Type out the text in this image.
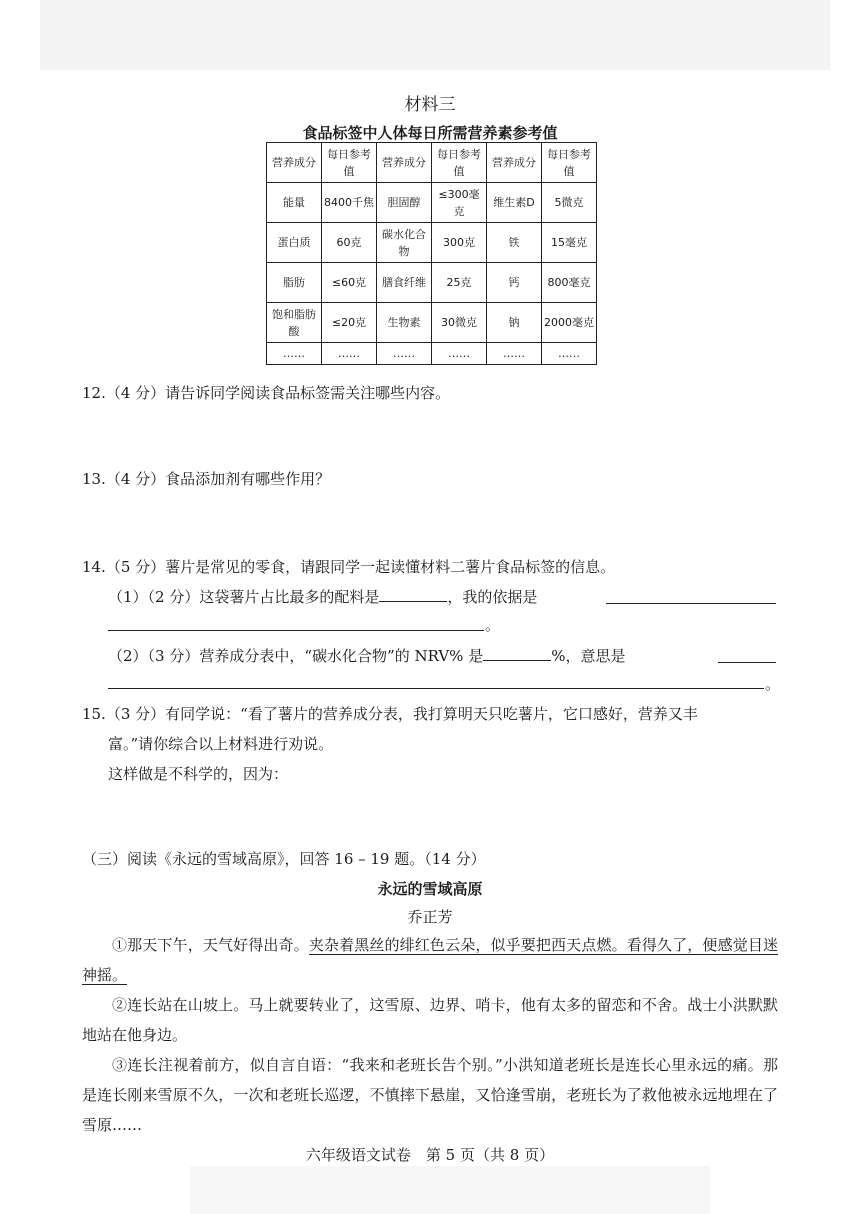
材料三
食品标签中人体每日所需营养素参考值
营养成分	每日参考值	营养成分	每日参考值	营养成分	每日参考值
能量	8400千焦	胆固醇	≤300毫克	维生素D	5微克
蛋白质	60克	碳水化合物	300克	铁	15毫克
脂肪	≤60克	膳食纤维	25克	钙	800毫克
饱和脂肪酸	≤20克	生物素	30微克	钠	2000毫克
……	……	……	……	……	……
12.（4 分）请告诉同学阅读食品标签需关注哪些内容。
13.（4 分）食品添加剂有哪些作用？
14.（5 分）薯片是常见的零食，请跟同学一起读懂材料二薯片食品标签的信息。
（1）（2 分）这袋薯片占比最多的配料是	，我的依据是
。
（2）（3 分）营养成分表中，“碳水化合物”的 NRV% 是	%，意思是
。
15.（3 分）有同学说：“看了薯片的营养成分表，我打算明天只吃薯片，它口感好，营养又丰
富。”请你综合以上材料进行劝说。
这样做是不科学的，因为：
（三）阅读《永远的雪域高原》，回答 16 – 19 题。（14 分）
永远的雪域高原
乔正芳
①那天下午，天气好得出奇。夹杂着黑丝的绯红色云朵，似乎要把西天点燃。看得久了，便感觉目迷神摇。
②连长站在山坡上。马上就要转业了，这雪原、边界、哨卡，他有太多的留恋和不舍。战士小洪默默地站在他身边。
③连长注视着前方，似自言自语：“我来和老班长告个别。”小洪知道老班长是连长心里永远的痛。那是连长刚来雪原不久，一次和老班长巡逻，不慎摔下悬崖，又恰逢雪崩，老班长为了救他被永远地埋在了雪原……
六年级语文试卷　第 5 页（共 8 页）
